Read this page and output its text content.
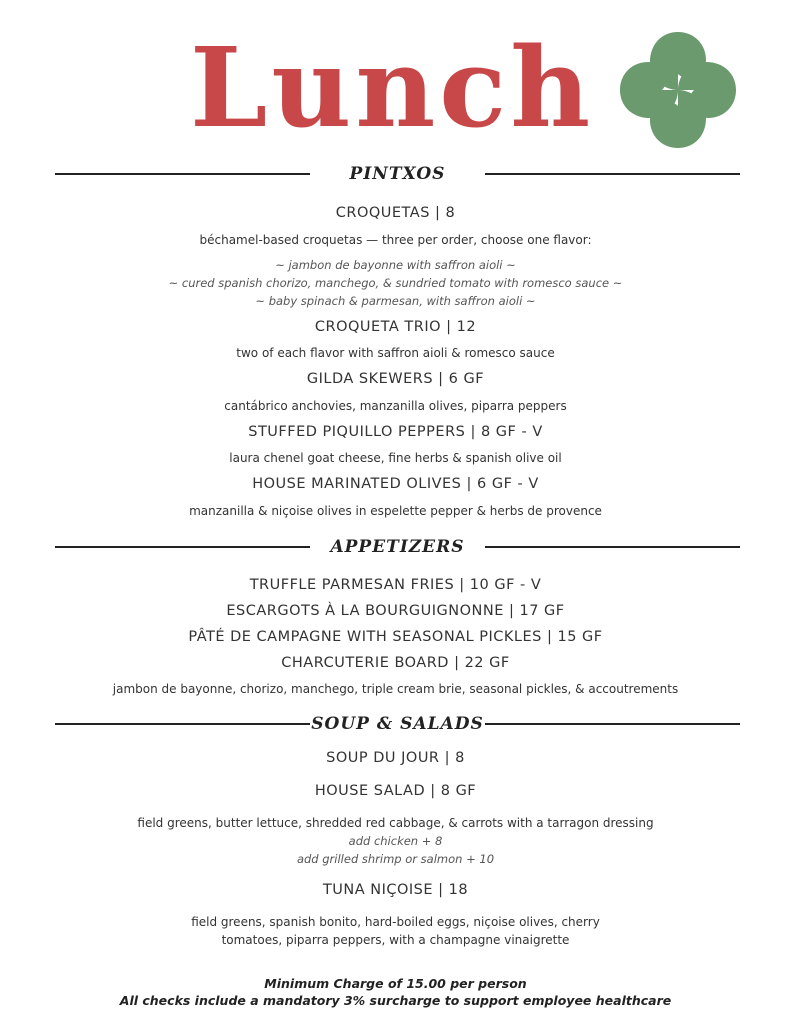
Lunch
PINTXOS

CROQUETAS | 8

béchamel-based croquetas — three per order, choose one flavor:

~ jambon de bayonne with saffron aioli ~

~ cured spanish chorizo, manchego, & sundried tomato with romesco sauce ~

~ baby spinach & parmesan, with saffron aioli ~

CROQUETA TRIO | 12

two of each flavor with saffron aioli & romesco sauce

GILDA SKEWERS | 6 GF

cantábrico anchovies, manzanilla olives, piparra peppers

STUFFED PIQUILLO PEPPERS | 8 GF - V

laura chenel goat cheese, fine herbs & spanish olive oil

HOUSE MARINATED OLIVES | 6 GF - V

manzanilla & niçoise olives in espelette pepper & herbs de provence

APPETIZERS

TRUFFLE PARMESAN FRIES | 10 GF - V

ESCARGOTS À LA BOURGUIGNONNE | 17 GF

PÂTÉ DE CAMPAGNE WITH SEASONAL PICKLES | 15 GF

CHARCUTERIE BOARD | 22 GF

jambon de bayonne, chorizo, manchego, triple cream brie, seasonal pickles, & accoutrements

SOUP & SALADS

SOUP DU JOUR | 8

HOUSE SALAD | 8 GF

field greens, butter lettuce, shredded red cabbage, & carrots with a tarragon dressing

add chicken + 8

add grilled shrimp or salmon + 10

TUNA NIÇOISE | 18

field greens, spanish bonito, hard-boiled eggs, niçoise olives, cherry

tomatoes, piparra peppers, with a champagne vinaigrette

Minimum Charge of 15.00 per person

All checks include a mandatory 3% surcharge to support employee healthcare
